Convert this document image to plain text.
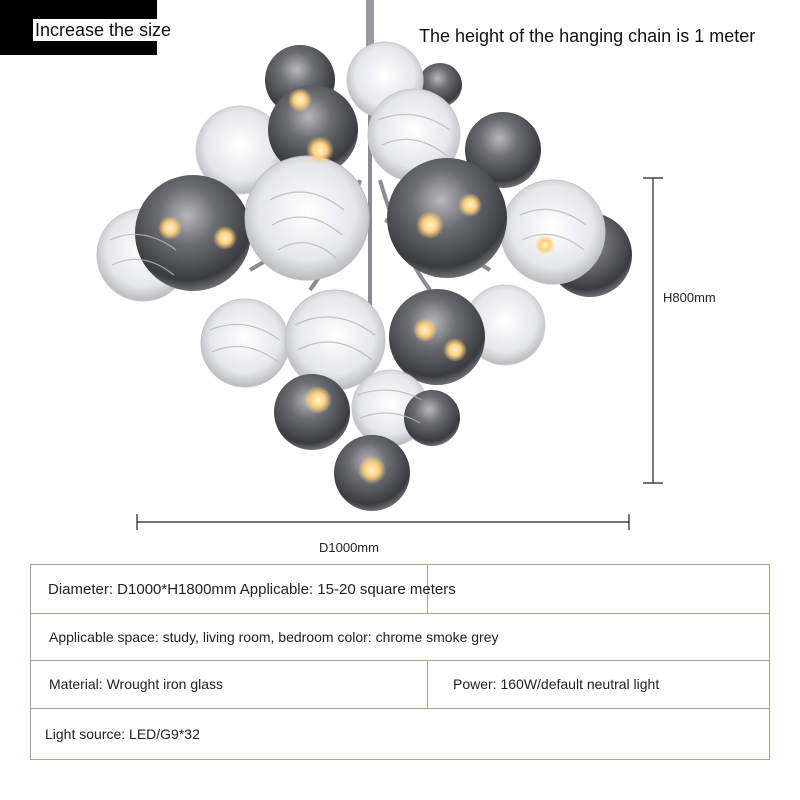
Increase the size	The height of the hanging chain is 1 meter
H800mm
D1000mm
Diameter: D1000*H1800mm Applicable: 15-20 square meters
Applicable space: study, living room, bedroom color: chrome smoke grey
Material: Wrought iron glass	Power: 160W/default neutral light
Light source: LED/G9*32
